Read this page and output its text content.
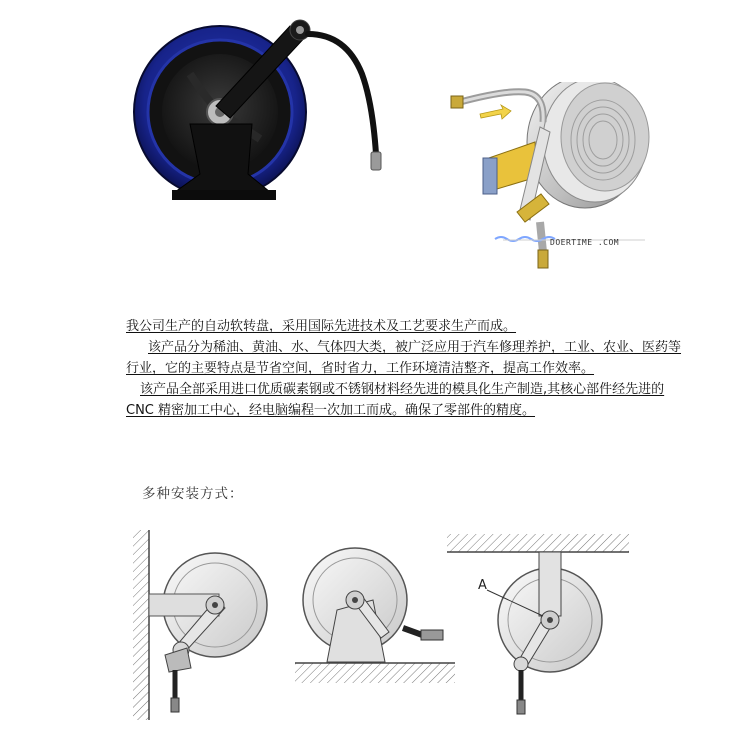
DOERTIME .COM

我公司生产的自动软转盘，采用国际先进技术及工艺要求生产而成。

该产品分为稀油、黄油、水、气体四大类，被广泛应用于汽车修理养护，工业、农业、医药等行业，它的主要特点是节省空间，省时省力，工作环境清洁整齐，提高工作效率。

该产品全部采用进口优质碳素钢或不锈钢材料经先进的模具化生产制造,其核心部件经先进的 CNC 精密加工中心，经电脑编程一次加工而成。确保了零部件的精度。

多种安装方式：
A
